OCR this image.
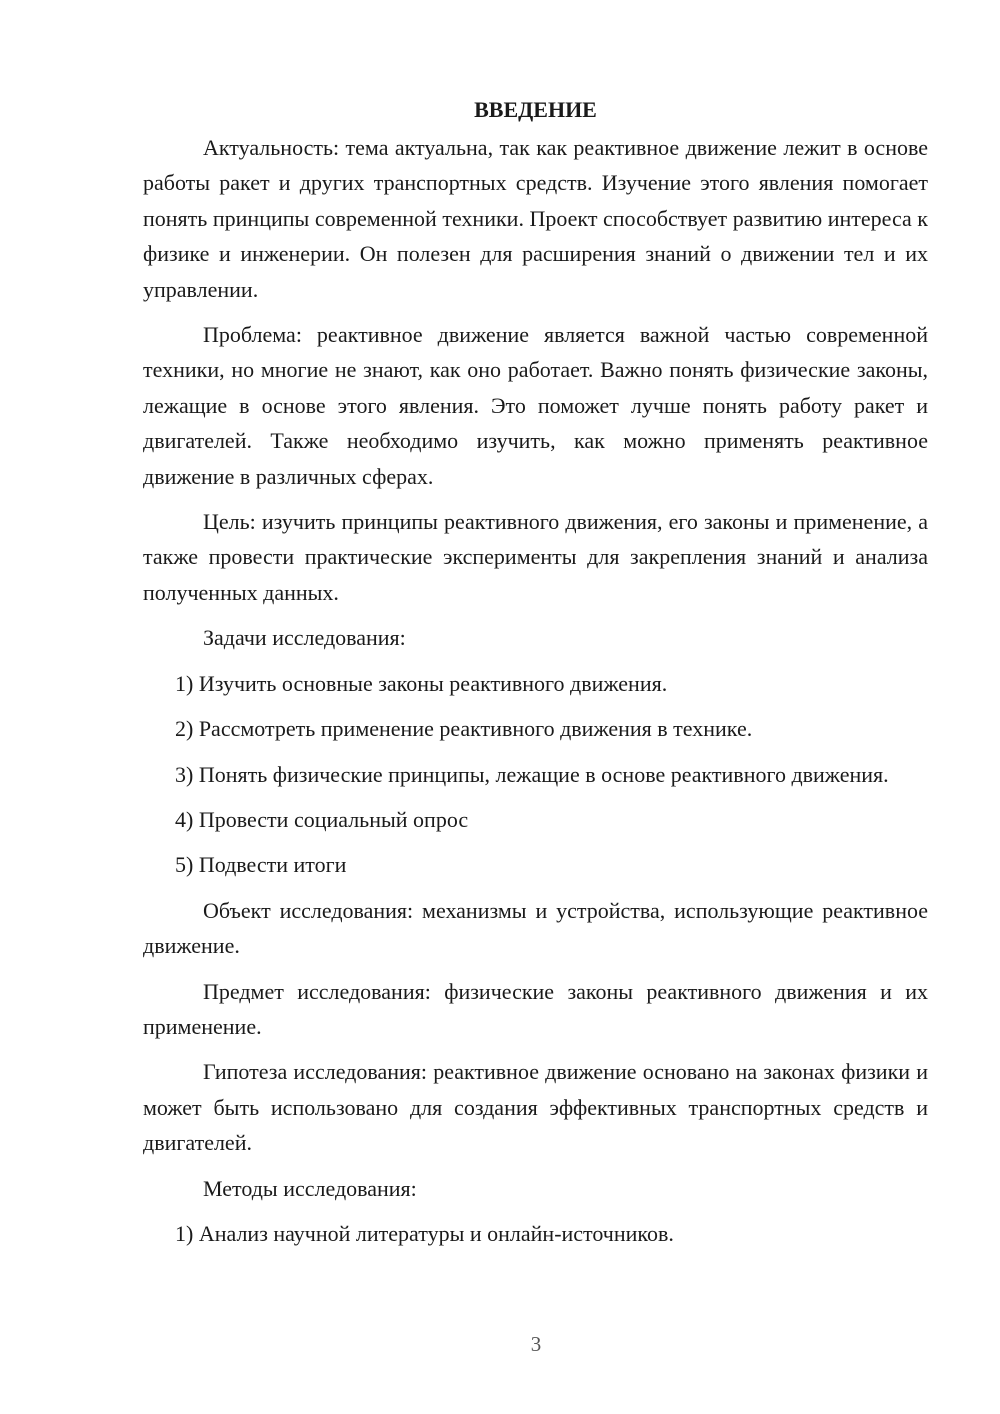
ВВЕДЕНИЕ

Актуальность: тема актуальна, так как реактивное движение лежит в основе работы ракет и других транспортных средств. Изучение этого явления помогает понять принципы современной техники. Проект способствует развитию интереса к физике и инженерии. Он полезен для расширения знаний о движении тел и их управлении.

Проблема: реактивное движение является важной частью современной техники, но многие не знают, как оно работает. Важно понять физические законы, лежащие в основе этого явления. Это поможет лучше понять работу ракет и двигателей. Также необходимо изучить, как можно применять реактивное движение в различных сферах.

Цель: изучить принципы реактивного движения, его законы и применение, а также провести практические эксперименты для закрепления знаний и анализа полученных данных.

Задачи исследования:

1) Изучить основные законы реактивного движения.

2) Рассмотреть применение реактивного движения в технике.

3) Понять физические принципы, лежащие в основе реактивного движения.

4) Провести социальный опрос

5) Подвести итоги

Объект исследования: механизмы и устройства, использующие реактивное движение.

Предмет исследования: физические законы реактивного движения и их применение.

Гипотеза исследования: реактивное движение основано на законах физики и может быть использовано для создания эффективных транспортных средств и двигателей.

Методы исследования:

1) Анализ научной литературы и онлайн-источников.

3
